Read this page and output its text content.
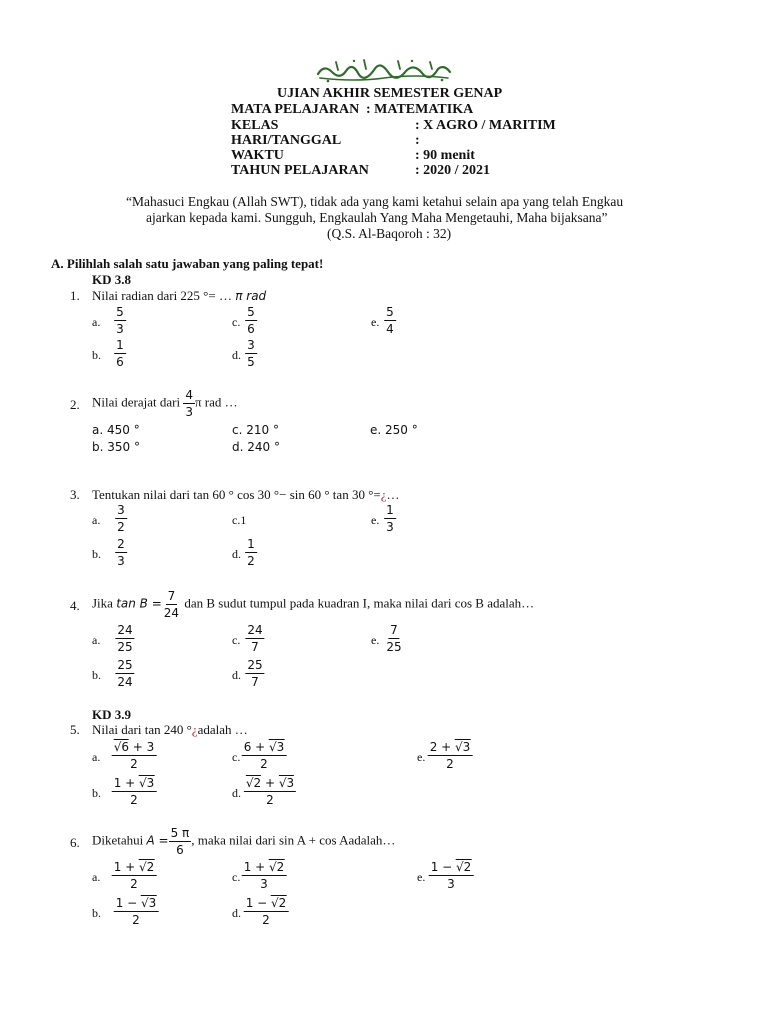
UJIAN AKHIR SEMESTER GENAP
MATA PELAJARAN : MATEMATIKA
KELAS	: X AGRO / MARITIM
HARI/TANGGAL	:
WAKTU	: 90 menit
TAHUN PELAJARAN	: 2020 / 2021
“Mahasuci Engkau (Allah SWT), tidak ada yang kami ketahui selain apa yang telah Engkau
ajarkan kepada kami. Sungguh, Engkaulah Yang Maha Mengetauhi, Maha bijaksana”
(Q.S. Al-Baqoroh : 32)
A. Pilihlah salah satu jawaban yang paling tepat!
KD 3.8
1. Nilai radian dari 225 °= … π rad
a. $\frac{5}{3}$	c. $\frac{5}{6}$	e. $\frac{5}{4}$
b. $\frac{1}{6}$	d. $\frac{3}{5}$
2. Nilai derajat dari $\frac{4}{3}$ π rad …
a. 450 °	c. 210 °	e. 250 °
b. 350 °	d. 240 °
3. Tentukan nilai dari tan 60 ° cos 30 °− sin 60 ° tan 30 °=¿…
a. $\frac{3}{2}$	c.1	e. $\frac{1}{3}$
b. $\frac{2}{3}$	d. $\frac{1}{2}$
4. Jika $\tan B = \frac{7}{24}$ dan B sudut tumpul pada kuadran I, maka nilai dari cos B adalah…
a. $\frac{24}{25}$	c. $\frac{24}{7}$	e. $\frac{7}{25}$
b. $\frac{25}{24}$	d. $\frac{25}{7}$
KD 3.9
5. Nilai dari tan 240 °¿adalah …
a. $\frac{√6 + 3}{2}$	c. $\frac{6 + √3}{2}$	e. $\frac{2 + √3}{2}$
b. $\frac{1 + √3}{2}$	d. $\frac{√2 + √3}{2}$
6. Diketahui $A = \frac{5 \pi}{6}$ , maka nilai dari sin A + cos Aadalah…
a. $\frac{1 + √2}{2}$	c. $\frac{1 + √2}{3}$	e. $\frac{1 - √2}{3}$
b. $\frac{1 - √3}{2}$	d. $\frac{1 - √2}{2}$
